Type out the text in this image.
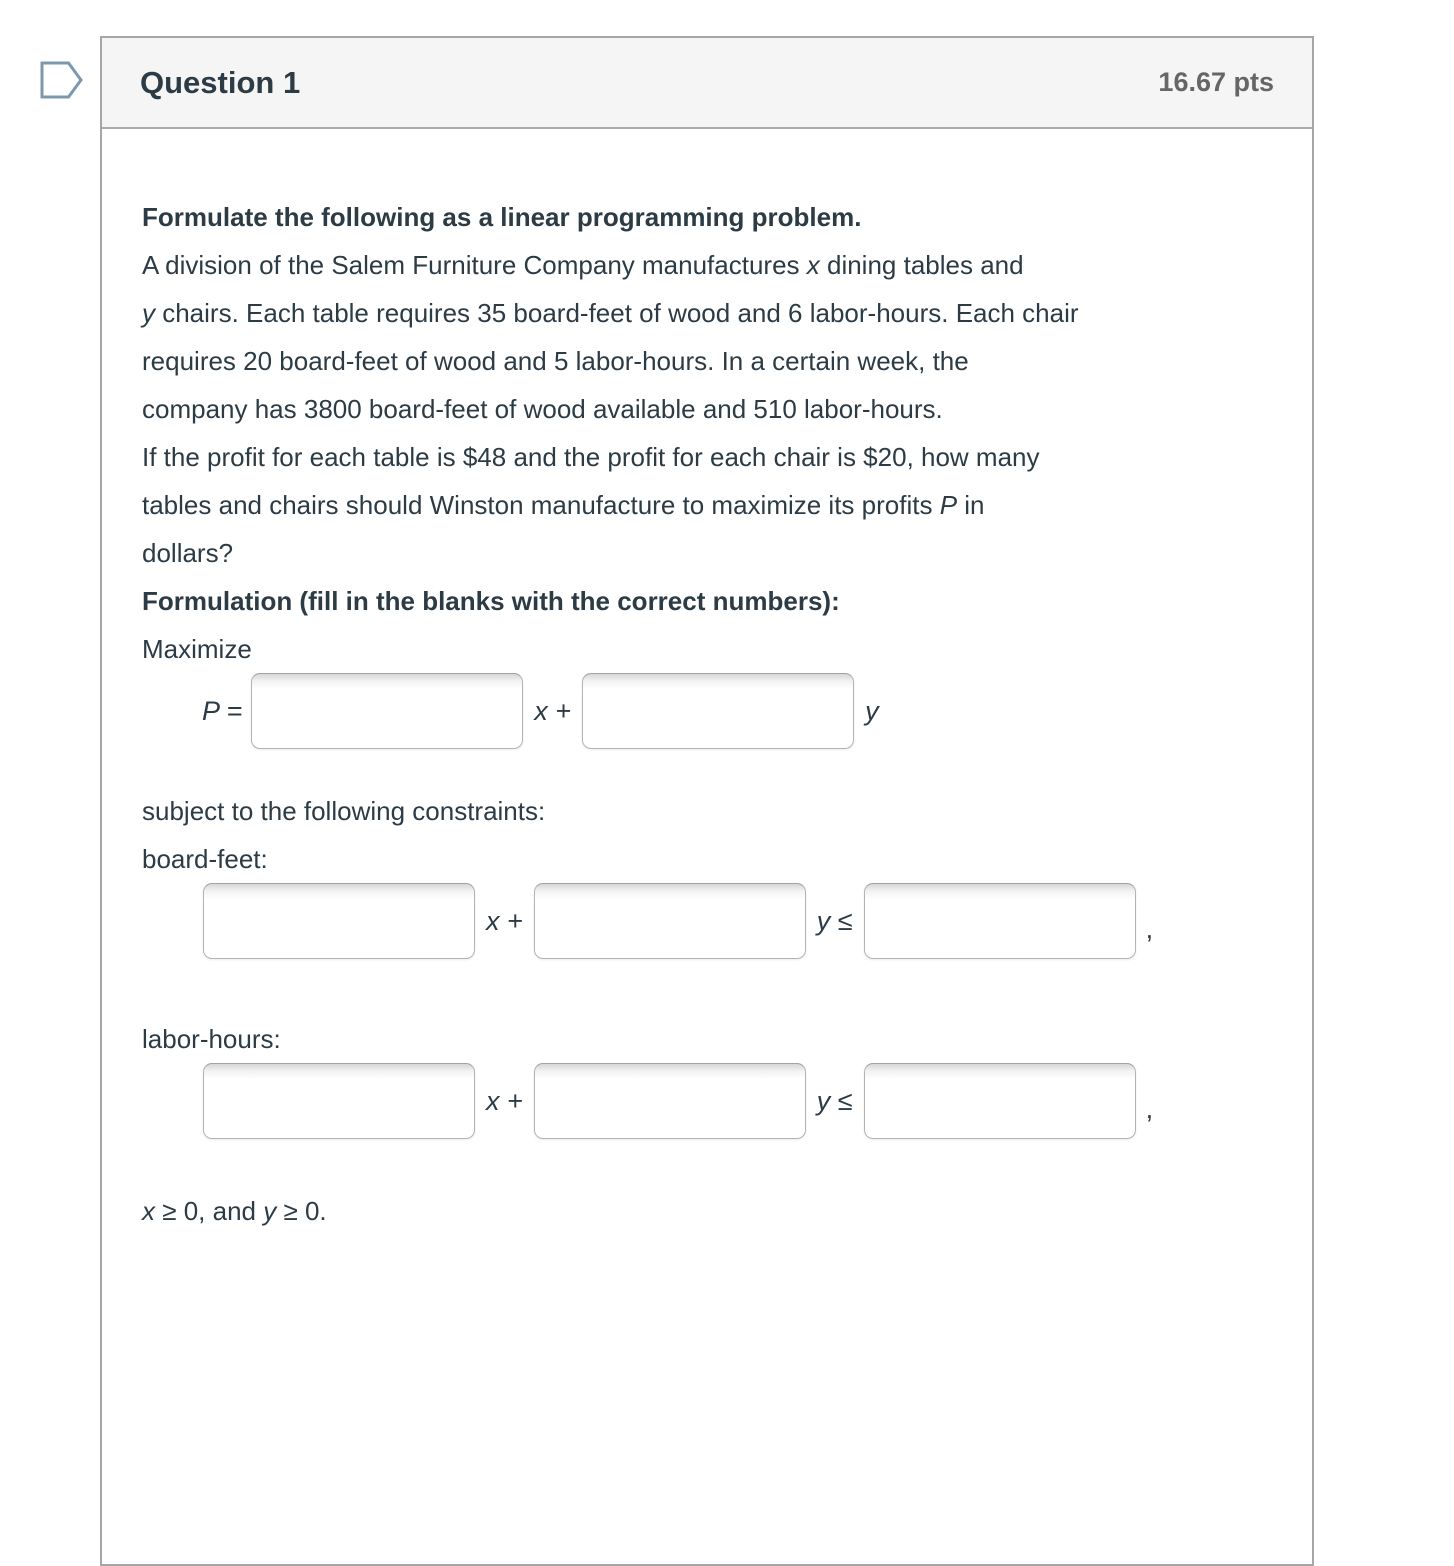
Question 1	16.67 pts

Formulate the following as a linear programming problem.

A division of the Salem Furniture Company manufactures x dining tables and
y chairs. Each table requires 35 board-feet of wood and 6 labor-hours. Each chair
requires 20 board-feet of wood and 5 labor-hours. In a certain week, the
company has 3800 board-feet of wood available and 510 labor-hours.

If the profit for each table is $48 and the profit for each chair is $20, how many
tables and chairs should Winston manufacture to maximize its profits P in
dollars?

Formulation (fill in the blanks with the correct numbers):

Maximize

P =	x +	y

subject to the following constraints:

board-feet:

x +	y ≤	,

labor-hours:

x +	y ≤	,

x ≥ 0, and y ≥ 0.
